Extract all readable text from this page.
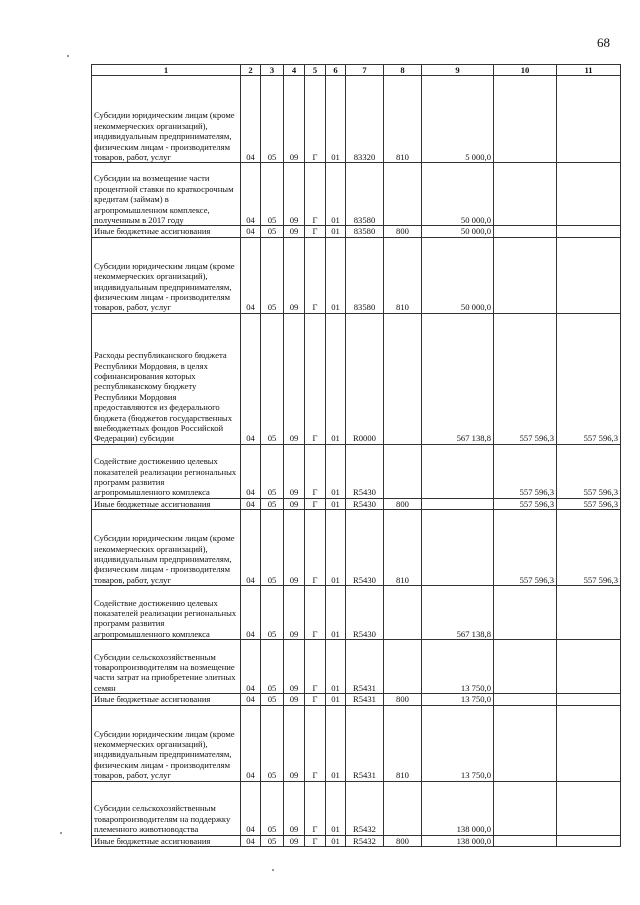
68
1	2	3	4	5	6	7	8	9	10	11
Субсидии юридическим лицам (кроме некоммерческих организаций), индивидуальным предпринимателям, физическим лицам - производителям товаров, работ, услуг	04	05	09	Г	01	83320	810	5 000,0		
Субсидии на возмещение части процентной ставки по краткосрочным кредитам (займам) в агропромышленном комплексе, полученным в 2017 году	04	05	09	Г	01	83580		50 000,0		
Иные бюджетные ассигнования	04	05	09	Г	01	83580	800	50 000,0		
Субсидии юридическим лицам (кроме некоммерческих организаций), индивидуальным предпринимателям, физическим лицам - производителям товаров, работ, услуг	04	05	09	Г	01	83580	810	50 000,0		
Расходы республиканского бюджета Республики Мордовия, в целях софинансирования которых республиканскому бюджету Республики Мордовия предоставляются из федерального бюджета (бюджетов государственных внебюджетных фондов Российской Федерации) субсидии	04	05	09	Г	01	R0000		567 138,8	557 596,3	557 596,3
Содействие достижению целевых показателей реализации региональных программ развития агропромышленного комплекса	04	05	09	Г	01	R5430			557 596,3	557 596,3
Иные бюджетные ассигнования	04	05	09	Г	01	R5430	800		557 596,3	557 596,3
Субсидии юридическим лицам (кроме некоммерческих организаций), индивидуальным предпринимателям, физическим лицам - производителям товаров, работ, услуг	04	05	09	Г	01	R5430	810		557 596,3	557 596,3
Содействие достижению целевых показателей реализации региональных программ развития агропромышленного комплекса	04	05	09	Г	01	R5430		567 138,8		
Субсидии сельскохозяйственным товаропроизводителям на возмещение части затрат на приобретение элитных семян	04	05	09	Г	01	R5431		13 750,0		
Иные бюджетные ассигнования	04	05	09	Г	01	R5431	800	13 750,0		
Субсидии юридическим лицам (кроме некоммерческих организаций), индивидуальным предпринимателям, физическим лицам - производителям товаров, работ, услуг	04	05	09	Г	01	R5431	810	13 750,0		
Субсидии сельскохозяйственным товаропроизводителям на поддержку племенного животноводства	04	05	09	Г	01	R5432		138 000,0		
Иные бюджетные ассигнования	04	05	09	Г	01	R5432	800	138 000,0		
